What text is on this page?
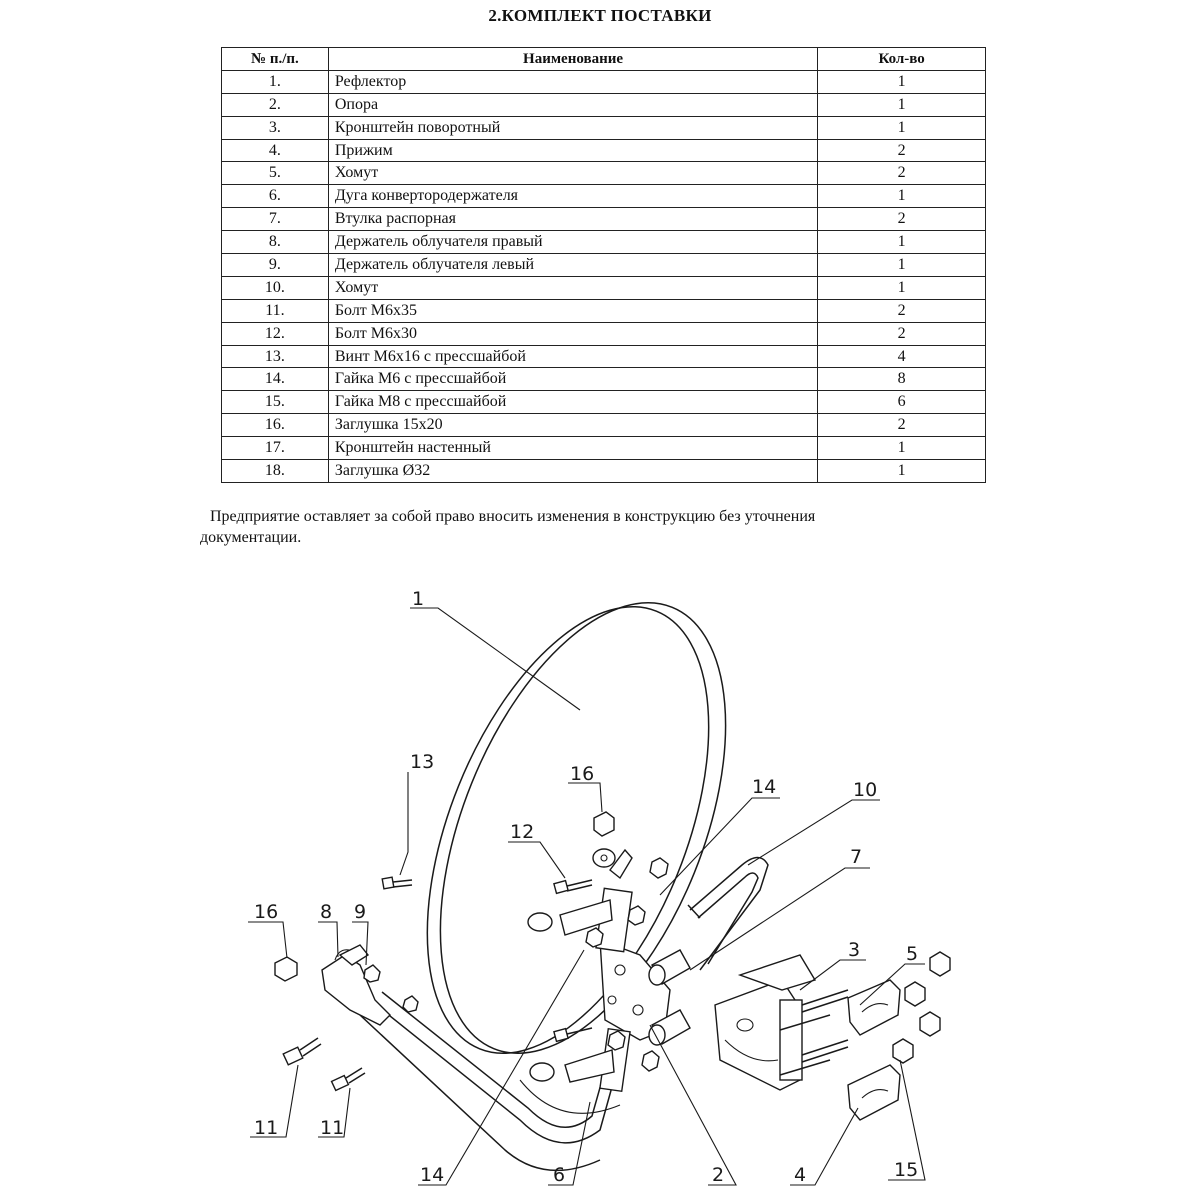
2.КОМПЛЕКТ ПОСТАВКИ
№ п./п.	Наименование	Кол-во
1.	Рефлектор	1
2.	Опора	1
3.	Кронштейн поворотный	1
4.	Прижим	2
5.	Хомут	2
6.	Дуга конвертородержателя	1
7.	Втулка распорная	2
8.	Держатель облучателя правый	1
9.	Держатель облучателя левый	1
10.	Хомут	1
11.	Болт М6х35	2
12.	Болт М6х30	2
13.	Винт М6х16 с прессшайбой	4
14.	Гайка М6 с прессшайбой	8
15.	Гайка М8 с прессшайбой	6
16.	Заглушка 15х20	2
17.	Кронштейн настенный	1
18.	Заглушка Ø32	1
Предприятие оставляет за собой право вносить изменения в конструкцию без уточнения
документации.
1
13
16
12
14	10
7
3 5
16 8 9
11 11
14	6	2	4	15
